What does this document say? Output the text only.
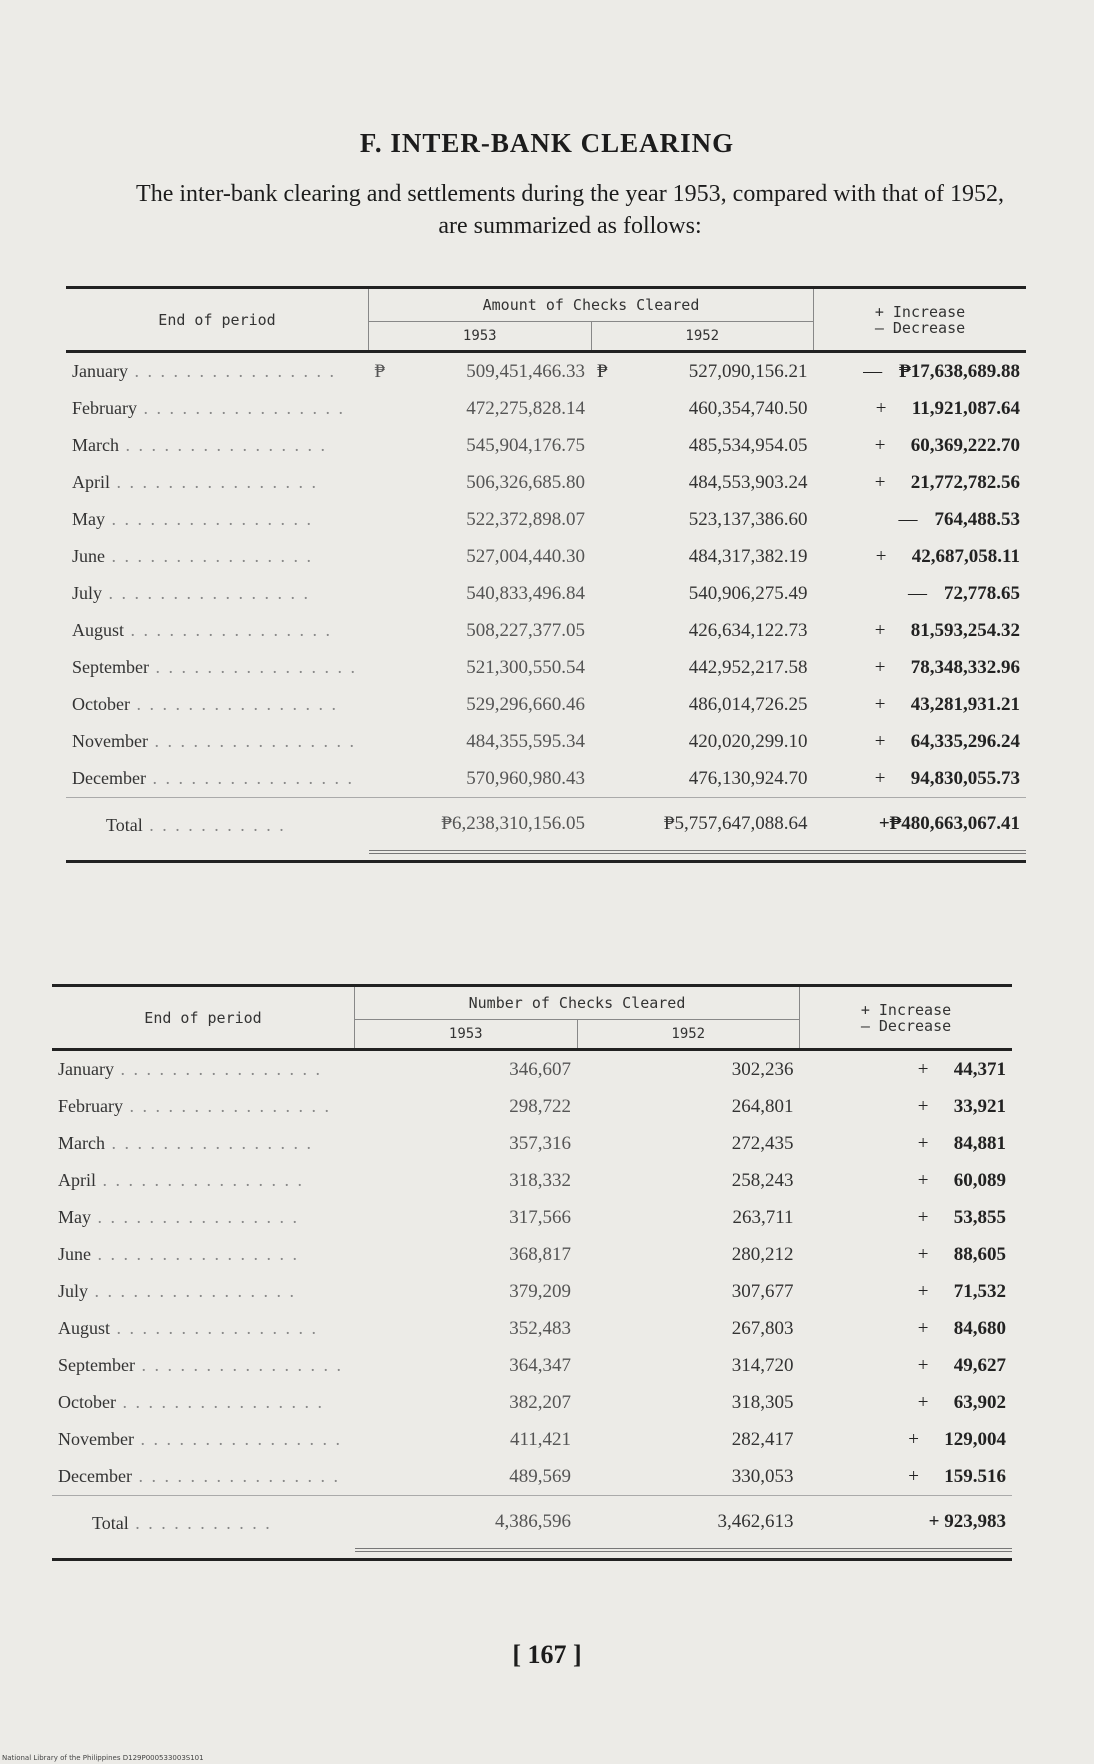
F. INTER-BANK CLEARING
The inter-bank clearing and settlements during the year 1953, compared with that of 1952, are summarized as follows:
End of period	Amount of Checks Cleared		+ Increase
— Decrease

	1953	1952	
January . . . . . . . . . . . . . . . .	₱ 509,451,466.33	₱ 527,090,156.21	— ₱17,638,689.88
February . . . . . . . . . . . . . . . .	472,275,828.14	460,354,740.50	+ 11,921,087.64
March . . . . . . . . . . . . . . . .	545,904,176.75	485,534,954.05	+ 60,369,222.70
April . . . . . . . . . . . . . . . .	506,326,685.80	484,553,903.24	+ 21,772,782.56
May . . . . . . . . . . . . . . . .	522,372,898.07	523,137,386.60	— 764,488.53
June . . . . . . . . . . . . . . . .	527,004,440.30	484,317,382.19	+ 42,687,058.11
July . . . . . . . . . . . . . . . .	540,833,496.84	540,906,275.49	— 72,778.65
August . . . . . . . . . . . . . . . .	508,227,377.05	426,634,122.73	+ 81,593,254.32
September . . . . . . . . . . . . . . . .	521,300,550.54	442,952,217.58	+ 78,348,332.96
October . . . . . . . . . . . . . . . .	529,296,660.46	486,014,726.25	+ 43,281,931.21
November . . . . . . . . . . . . . . . .	484,355,595.34	420,020,299.10	+ 64,335,296.24
December . . . . . . . . . . . . . . . .	570,960,980.43	476,130,924.70	+ 94,830,055.73
Total . . . . . . . . . . .	₱6,238,310,156.05	₱5,757,647,088.64	+₱480,663,067.41

End of period	Number of Checks Cleared		+ Increase
— Decrease

	1953	1952	
January . . . . . . . . . . . . . . . .	346,607	302,236	+ 44,371
February . . . . . . . . . . . . . . . .	298,722	264,801	+ 33,921
March . . . . . . . . . . . . . . . .	357,316	272,435	+ 84,881
April . . . . . . . . . . . . . . . .	318,332	258,243	+ 60,089
May . . . . . . . . . . . . . . . .	317,566	263,711	+ 53,855
June . . . . . . . . . . . . . . . .	368,817	280,212	+ 88,605
July . . . . . . . . . . . . . . . .	379,209	307,677	+ 71,532
August . . . . . . . . . . . . . . . .	352,483	267,803	+ 84,680
September . . . . . . . . . . . . . . . .	364,347	314,720	+ 49,627
October . . . . . . . . . . . . . . . .	382,207	318,305	+ 63,902
November . . . . . . . . . . . . . . . .	411,421	282,417	+ 129,004
December . . . . . . . . . . . . . . . .	489,569	330,053	+ 159.516
Total . . . . . . . . . . .	4,386,596	3,462,613	+ 923,983

[ 167 ]
National Library of the Philippines D129P000533003S101
